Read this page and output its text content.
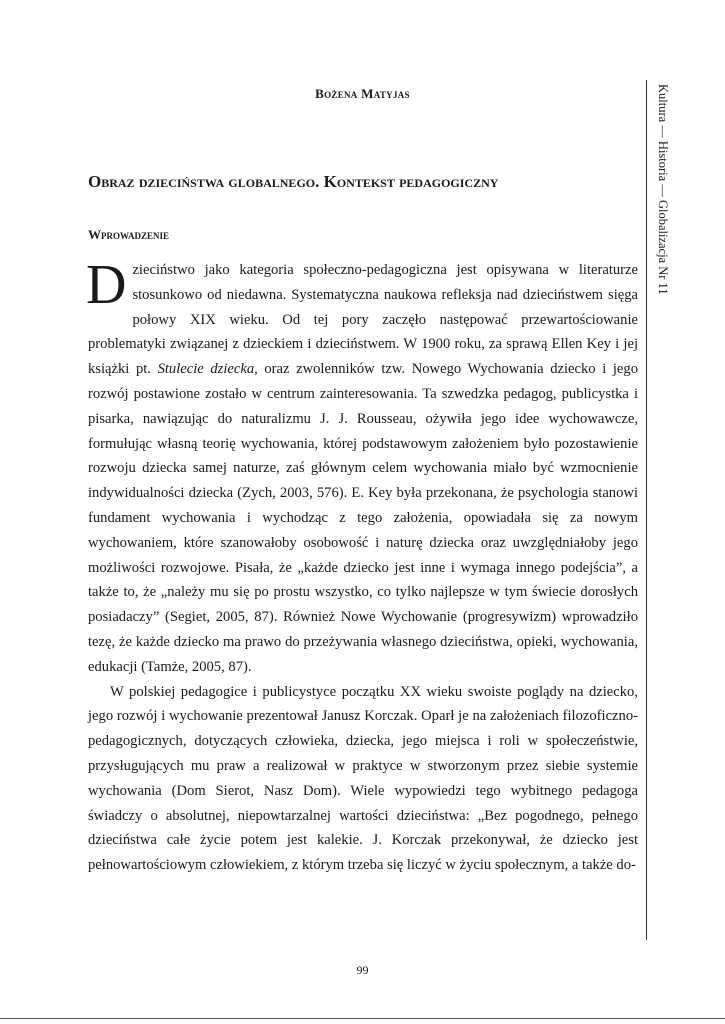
Bożena Matyjas
Obraz dzieciństwa globalnego. Kontekst pedagogiczny
Wprowadzenie

Dzieciństwo jako kategoria społeczno-pedagogiczna jest opisywana w literaturze stosunkowo od niedawna. Systematyczna naukowa refleksja nad dzieciństwem sięga połowy XIX wieku. Od tej pory zaczęło następować przewartościowanie problematyki związanej z dzieckiem i dzieciństwem. W 1900 roku, za sprawą Ellen Key i jej książki pt. Stulecie dziecka, oraz zwolenników tzw. Nowego Wychowania dziecko i jego rozwój postawione zostało w centrum zainteresowania. Ta szwedzka pedagog, publicystka i pisarka, nawiązując do naturalizmu J. J. Rousseau, ożywiła jego idee wychowawcze, formułując własną teorię wychowania, której podstawowym założeniem było pozostawienie rozwoju dziecka samej naturze, zaś głównym celem wychowania miało być wzmocnienie indywidualności dziecka (Zych, 2003, 576). E. Key była przekonana, że psychologia stanowi fundament wychowania i wychodząc z tego założenia, opowiadała się za nowym wychowaniem, które szanowałoby osobowość i naturę dziecka oraz uwzględniałoby jego możliwości rozwojowe. Pisała, że „każde dziecko jest inne i wymaga innego podejścia”, a także to, że „należy mu się po prostu wszystko, co tylko najlepsze w tym świecie dorosłych posiadaczy” (Segiet, 2005, 87). Również Nowe Wychowanie (progresywizm) wprowadziło tezę, że każde dziecko ma prawo do przeżywania własnego dzieciństwa, opieki, wychowania, edukacji (Tamże, 2005, 87).

W polskiej pedagogice i publicystyce początku XX wieku swoiste poglądy na dziecko, jego rozwój i wychowanie prezentował Janusz Korczak. Oparł je na założeniach filozoficzno-pedagogicznych, dotyczących człowieka, dziecka, jego miejsca i roli w społeczeństwie, przysługujących mu praw a realizował w praktyce w stworzonym przez siebie systemie wychowania (Dom Sierot, Nasz Dom). Wiele wypowiedzi tego wybitnego pedagoga świadczy o absolutnej, niepowtarzalnej wartości dzieciństwa: „Bez pogodnego, pełnego dzieciństwa całe życie potem jest kalekie. J. Korczak przekonywał, że dziecko jest pełnowartościowym człowiekiem, z którym trzeba się liczyć w życiu społecznym, a także do-

Kultura — Historia — Globalizacja Nr 11
99
